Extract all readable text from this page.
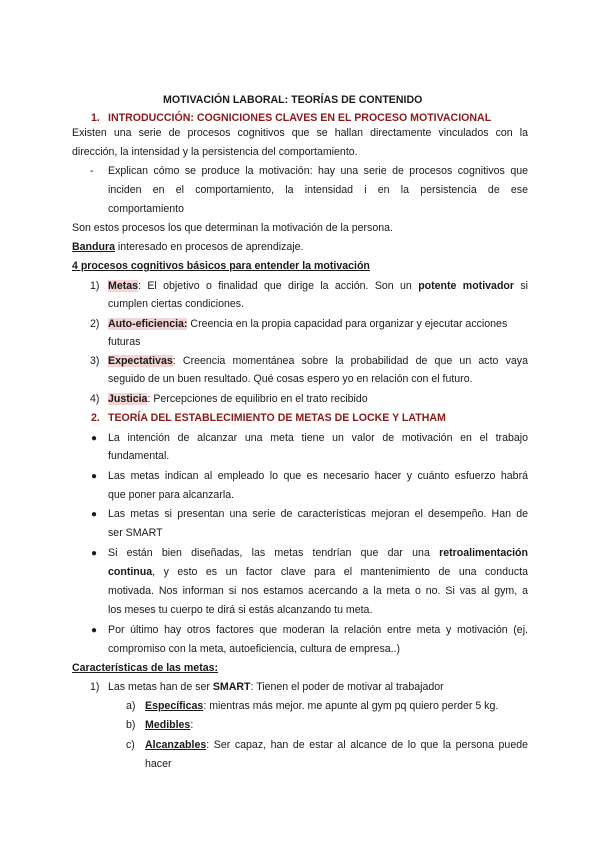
MOTIVACIÓN LABORAL: TEORÍAS DE CONTENIDO
1. INTRODUCCIÓN: COGNICIONES CLAVES EN EL PROCESO MOTIVACIONAL
Existen una serie de procesos cognitivos que se hallan directamente vinculados con la
dirección, la intensidad y la persistencia del comportamiento.
- Explican cómo se produce la motivación: hay una serie de procesos cognitivos que
inciden en el comportamiento, la intensidad i en la persistencia de ese
comportamiento
Son estos procesos los que determinan la motivación de la persona.
Bandura interesado en procesos de aprendizaje.
4 procesos cognitivos básicos para entender la motivación
1) Metas: El objetivo o finalidad que dirige la acción. Son un potente motivador si
cumplen ciertas condiciones.
2) Auto-eficiencia: Creencia en la propia capacidad para organizar y ejecutar acciones
futuras
3) Expectativas: Creencia momentánea sobre la probabilidad de que un acto vaya
seguido de un buen resultado. Qué cosas espero yo en relación con el futuro.
4) Justicia: Percepciones de equilibrio en el trato recibido
2. TEORÍA DEL ESTABLECIMIENTO DE METAS DE LOCKE Y LATHAM
● La intención de alcanzar una meta tiene un valor de motivación en el trabajo
fundamental.
● Las metas indican al empleado lo que es necesario hacer y cuánto esfuerzo habrá
que poner para alcanzarla.
● Las metas si presentan una serie de características mejoran el desempeño. Han de
ser SMART
● Si están bien diseñadas, las metas tendrían que dar una retroalimentación
continua, y esto es un factor clave para el mantenimiento de una conducta
motivada. Nos informan si nos estamos acercando a la meta o no. Si vas al gym, a
los meses tu cuerpo te dirá si estás alcanzando tu meta.
● Por último hay otros factores que moderan la relación entre meta y motivación (ej.
compromiso con la meta, autoeficiencia, cultura de empresa..)
Características de las metas:
1) Las metas han de ser SMART: Tienen el poder de motivar al trabajador
a) Específicas: mientras más mejor. me apunte al gym pq quiero perder 5 kg.
b) Medibles:
c) Alcanzables: Ser capaz, han de estar al alcance de lo que la persona puede
hacer
